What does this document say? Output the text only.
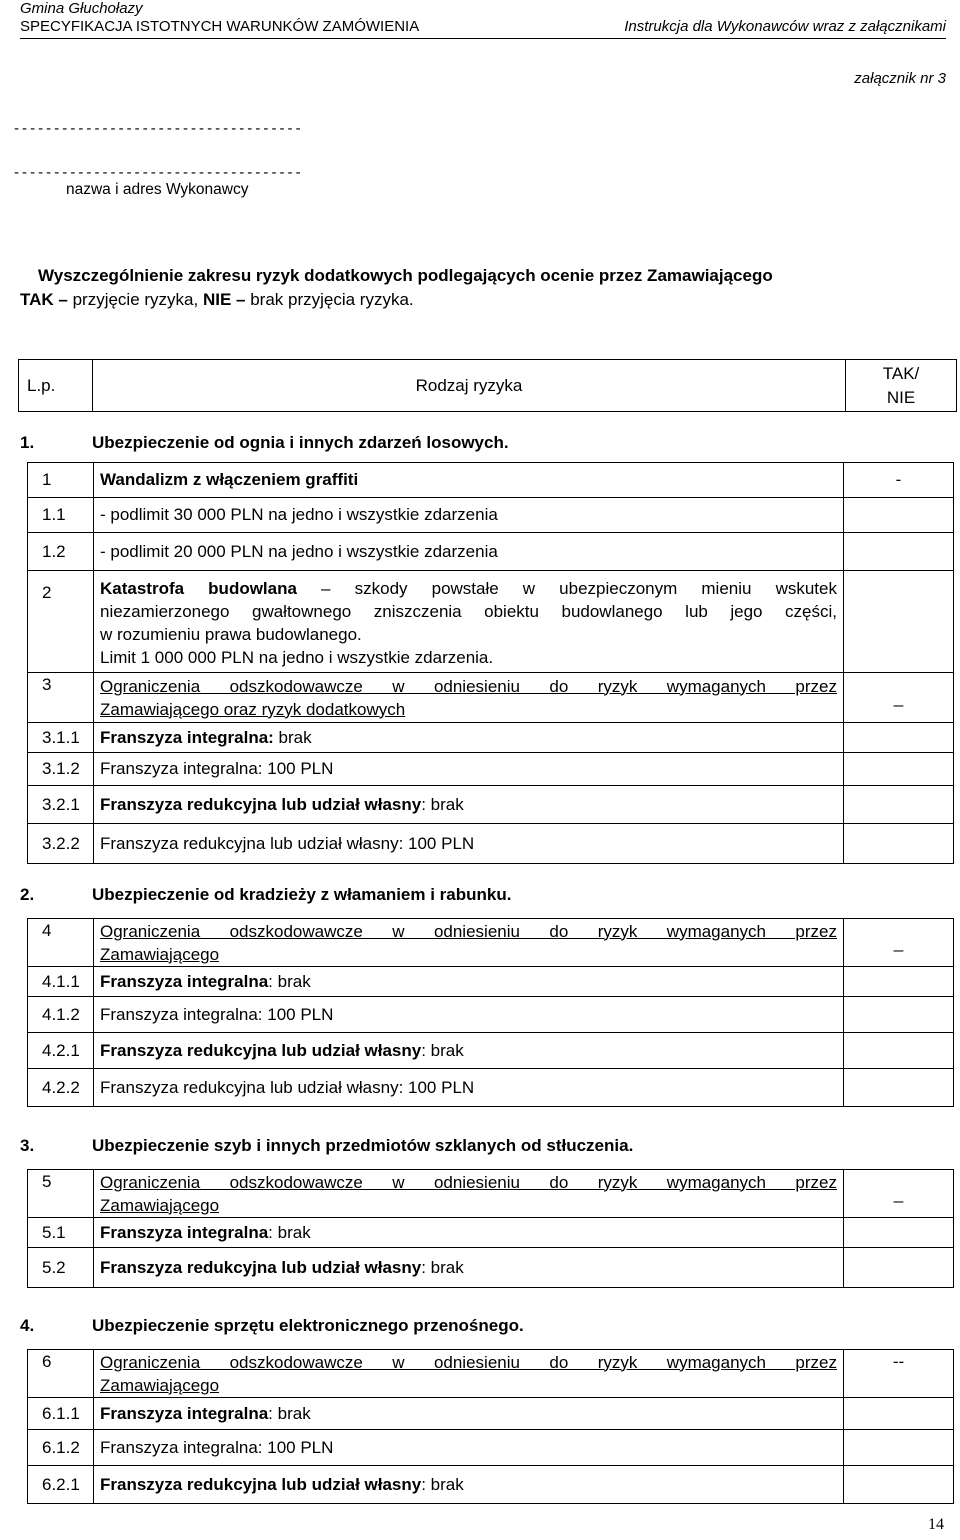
Gmina Głuchołazy
SPECYFIKACJA ISTOTNYCH WARUNKÓW ZAMÓWIENIA	Instrukcja dla Wykonawców wraz z załącznikami
załącznik nr 3
------------------------------------
------------------------------------
nazwa i adres Wykonawcy
Wyszczególnienie zakresu ryzyk dodatkowych podlegających ocenie przez Zamawiającego
TAK – przyjęcie ryzyka, NIE – brak przyjęcia ryzyka.
L.p.	Rodzaj ryzyka	
TAK/
NIE
1.	Ubezpieczenie od ognia i innych zdarzeń losowych.
1	Wandalizm z włączeniem graffiti	-
1.1	- podlimit 30 000 PLN na jedno i wszystkie zdarzenia	
1.2	- podlimit 20 000 PLN na jedno i wszystkie zdarzenia	
2	Katastrofa budowlana – szkody powstałe w ubezpieczonym mieniu wskutek
niezamierzonego gwałtownego zniszczenia obiektu budowlanego lub jego części,
w rozumieniu prawa budowlanego.
Limit 1 000 000 PLN na jedno i wszystkie zdarzenia.	

3	Ograniczenia odszkodowawcze w odniesieniu do ryzyk wymaganych przez
Zamawiającego oraz ryzyk dodatkowych	_
3.1.1	Franszyza integralna: brak	
3.1.2	Franszyza integralna: 100 PLN	
3.2.1	Franszyza redukcyjna lub udział własny: brak	
3.2.2	Franszyza redukcyjna lub udział własny: 100 PLN	
2.	Ubezpieczenie od kradzieży z włamaniem i rabunku.
4	Ograniczenia odszkodowawcze w odniesieniu do ryzyk wymaganych przez
Zamawiającego	_
4.1.1	Franszyza integralna: brak	
4.1.2	Franszyza integralna: 100 PLN	
4.2.1	Franszyza redukcyjna lub udział własny: brak	
4.2.2	Franszyza redukcyjna lub udział własny: 100 PLN	
3.	Ubezpieczenie szyb i innych przedmiotów szklanych od stłuczenia.
5	Ograniczenia odszkodowawcze w odniesieniu do ryzyk wymaganych przez
Zamawiającego	_
5.1	Franszyza integralna: brak	
5.2	Franszyza redukcyjna lub udział własny: brak	
4.	Ubezpieczenie sprzętu elektronicznego przenośnego.
6	Ograniczenia odszkodowawcze w odniesieniu do ryzyk wymaganych przez
Zamawiającego	--
6.1.1	Franszyza integralna: brak	
6.1.2	Franszyza integralna: 100 PLN	
6.2.1	Franszyza redukcyjna lub udział własny: brak	
14
